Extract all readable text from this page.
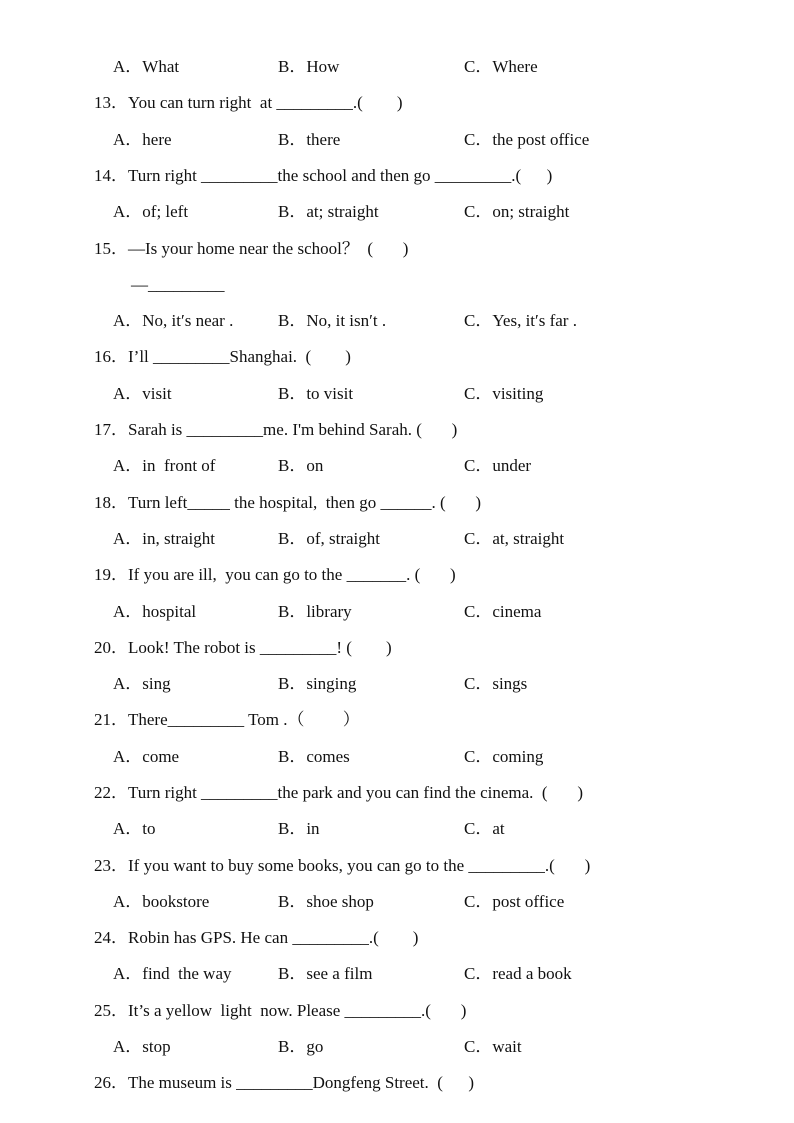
A．What	B．How	C．Where
13．You can turn right  at _________.(        )
A．here	B．there	C．the post office
14．Turn right _________the school and then go _________.(      )
A．of; left	B．at; straight	C．on; straight
15．—Is your home near the school？  (       )
—_________
A．No, it′s near .	B．No, it isn′t .	C．Yes, it′s far .
16．I’ll _________Shanghai.  (        )
A．visit	B．to visit	C．visiting
17．Sarah is _________me. I'm behind Sarah. (       )
A．in  front of	B．on	C．under
18．Turn left_____ the hospital,  then go ______. (       )
A．in, straight	B．of, straight	C．at, straight
19．If you are ill,  you can go to the _______. (       )
A．hospital	B．library	C．cinema
20．Look! The robot is _________! (        )
A．sing	B．singing	C．sings
21．There_________ Tom .（         ）
A．come	B．comes	C．coming
22．Turn right _________the park and you can find the cinema.  (       )
A．to	B．in	C．at
23．If you want to buy some books, you can go to the _________.(       )
A．bookstore	B．shoe shop	C．post office
24．Robin has GPS. He can _________.(        )
A．find  the way	B．see a film	C．read a book
25．It’s a yellow  light  now. Please _________.(       )
A．stop	B．go	C．wait
26．The museum is _________Dongfeng Street.  (      )
